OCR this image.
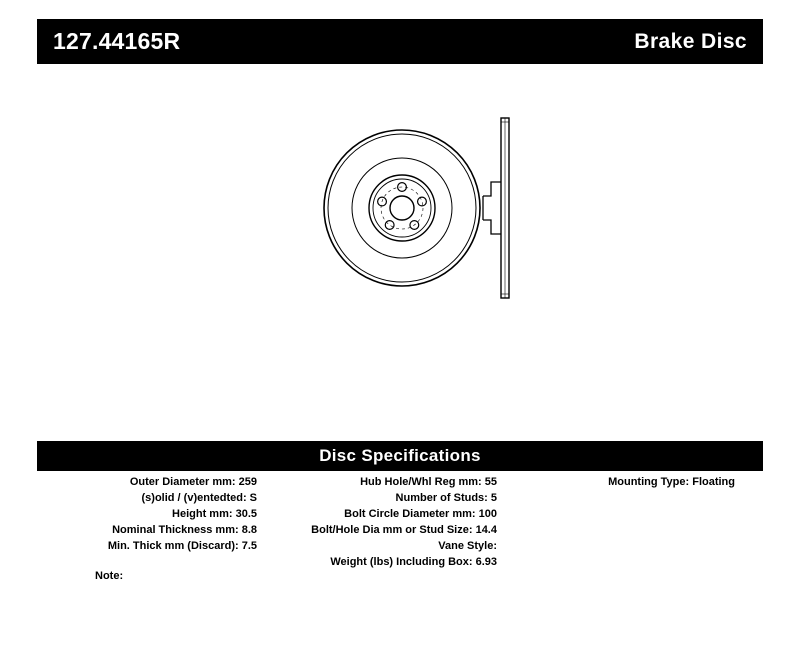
127.44165R	Brake Disc
Disc Specifications
Outer Diameter mm: 259
(s)olid / (v)entedted: S
Height mm: 30.5
Nominal Thickness mm: 8.8
Min. Thick mm (Discard): 7.5
Hub Hole/Whl Reg mm: 55
Number of Studs: 5
Bolt Circle Diameter mm: 100
Bolt/Hole Dia mm or Stud Size: 14.4
Vane Style:
Weight (lbs) Including Box: 6.93
Mounting Type: Floating
Note:
